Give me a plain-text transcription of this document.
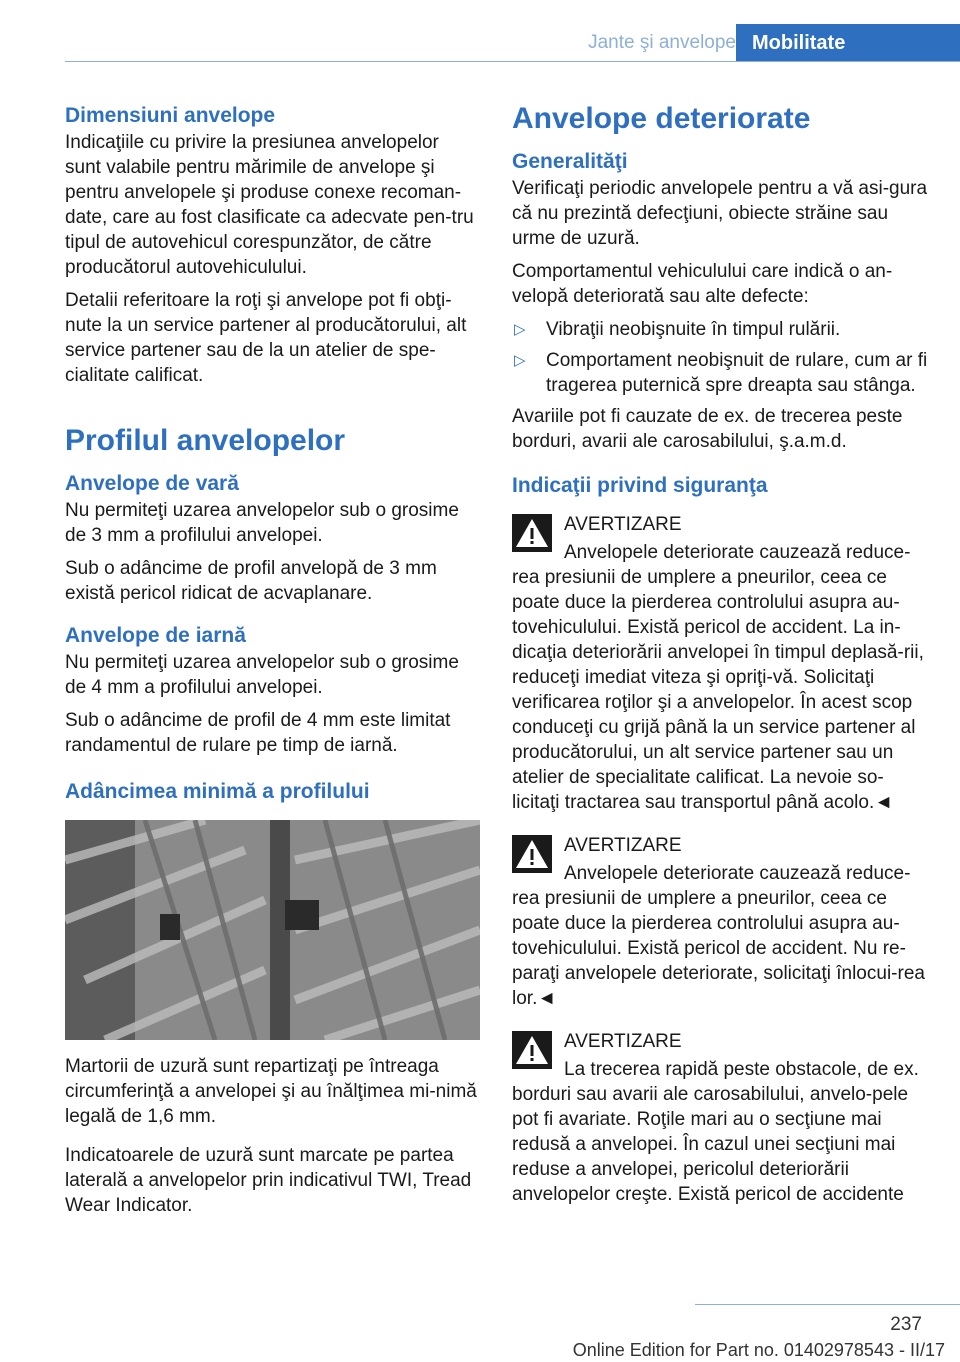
Jante şi anvelope Mobilitate
Dimensiuni anvelope

Indicaţiile cu privire la presiunea anvelopelor sunt valabile pentru mărimile de anvelope şi pentru anvelopele şi produse conexe recoman-date, care au fost clasificate ca adecvate pen-tru tipul de autovehicul corespunzător, de către producătorul autovehiculului.

Detalii referitoare la roţi şi anvelope pot fi obţi-nute la un service partener al producătorului, alt service partener sau de la un atelier de spe-cialitate calificat.

Profilul anvelopelor
Anvelope de vară

Nu permiteţi uzarea anvelopelor sub o grosime de 3 mm a profilului anvelopei.

Sub o adâncime de profil anvelopă de 3 mm există pericol ridicat de acvaplanare.

Anvelope de iarnă

Nu permiteţi uzarea anvelopelor sub o grosime de 4 mm a profilului anvelopei.

Sub o adâncime de profil de 4 mm este limitat randamentul de rulare pe timp de iarnă.

Adâncimea minimă a profilului

Martorii de uzură sunt repartizaţi pe întreaga circumferinţă a anvelopei şi au înălţimea mi-nimă legală de 1,6 mm.

Indicatoarele de uzură sunt marcate pe partea laterală a anvelopelor prin indicativul TWI, Tread Wear Indicator.

Anvelope deteriorate
Generalităţi

Verificaţi periodic anvelopele pentru a vă asi-gura că nu prezintă defecţiuni, obiecte străine sau urme de uzură.

Comportamentul vehiculului care indică o an-velopă deteriorată sau alte defecte:

▷ Vibraţii neobişnuite în timpul rulării.
▷ Comportament neobişnuit de rulare, cum ar fi tragerea puternică spre dreapta sau stânga.

Avariile pot fi cauzate de ex. de trecerea peste borduri, avarii ale carosabilului, ş.a.m.d.

Indicaţii privind siguranţa
AVERTIZARE

Anvelopele deteriorate cauzează reduce-rea presiunii de umplere a pneurilor, ceea ce poate duce la pierderea controlului asupra au-tovehiculului. Există pericol de accident. La in-dicaţia deteriorării anvelopei în timpul deplasă-rii, reduceţi imediat viteza şi opriţi-vă. Solicitaţi verificarea roţilor şi a anvelopelor. În acest scop conduceţi cu grijă până la un service partener al producătorului, un alt service partener sau un atelier de specialitate calificat. La nevoie so-licitaţi tractarea sau transportul până acolo.◄

AVERTIZARE

Anvelopele deteriorate cauzează reduce-rea presiunii de umplere a pneurilor, ceea ce poate duce la pierderea controlului asupra au-tovehiculului. Există pericol de accident. Nu re-paraţi anvelopele deteriorate, solicitaţi înlocui-rea lor.◄

AVERTIZARE

La trecerea rapidă peste obstacole, de ex. borduri sau avarii ale carosabilului, anvelo-pele pot fi avariate. Roţile mari au o secţiune mai redusă a anvelopei. În cazul unei secţiuni mai reduse a anvelopei, pericolul deteriorării anvelopelor creşte. Există pericol de accidente

237
Online Edition for Part no. 01402978543 - II/17
